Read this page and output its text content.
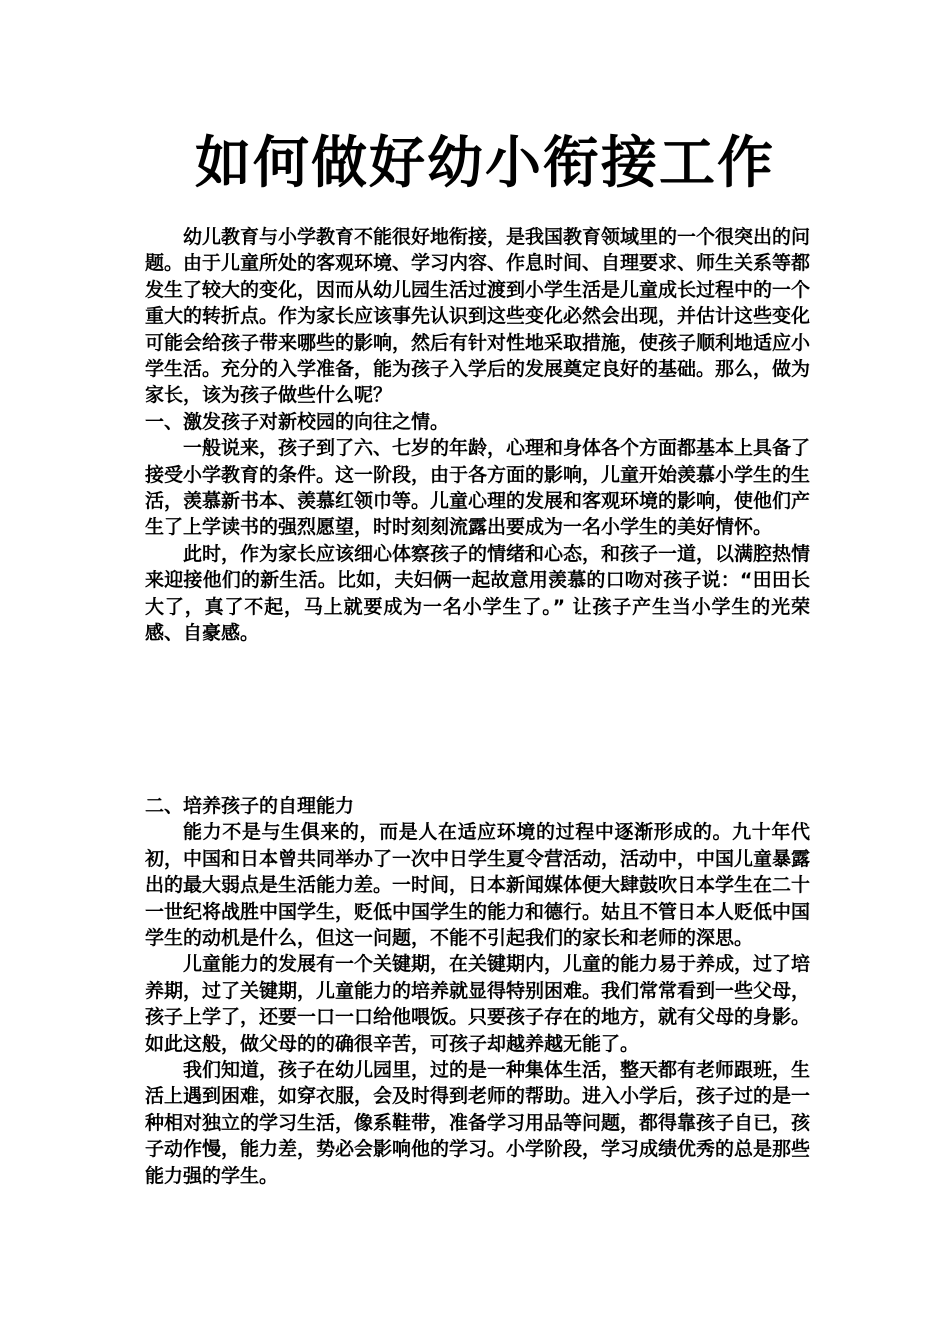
如何做好幼小衔接工作

幼儿教育与小学教育不能很好地衔接，是我国教育领域里的一个很突出的问题。由于儿童所处的客观环境、学习内容、作息时间、自理要求、师生关系等都发生了较大的变化，因而从幼儿园生活过渡到小学生活是儿童成长过程中的一个重大的转折点。作为家长应该事先认识到这些变化必然会出现，并估计这些变化可能会给孩子带来哪些的影响，然后有针对性地采取措施，使孩子顺利地适应小学生活。充分的入学准备，能为孩子入学后的发展奠定良好的基础。那么，做为家长，该为孩子做些什么呢？

一、激发孩子对新校园的向往之情。

一般说来，孩子到了六、七岁的年龄，心理和身体各个方面都基本上具备了接受小学教育的条件。这一阶段，由于各方面的影响，儿童开始羡慕小学生的生活，羡慕新书本、羡慕红领巾等。儿童心理的发展和客观环境的影响，使他们产生了上学读书的强烈愿望，时时刻刻流露出要成为一名小学生的美好情怀。

此时，作为家长应该细心体察孩子的情绪和心态，和孩子一道，以满腔热情来迎接他们的新生活。比如，夫妇俩一起故意用羡慕的口吻对孩子说：“田田长大了，真了不起，马上就要成为一名小学生了。” 让孩子产生当小学生的光荣感、自豪感。

二、培养孩子的自理能力

能力不是与生俱来的，而是人在适应环境的过程中逐渐形成的。九十年代初，中国和日本曾共同举办了一次中日学生夏令营活动，活动中，中国儿童暴露出的最大弱点是生活能力差。一时间，日本新闻媒体便大肆鼓吹日本学生在二十一世纪将战胜中国学生，贬低中国学生的能力和德行。姑且不管日本人贬低中国学生的动机是什么，但这一问题，不能不引起我们的家长和老师的深思。

儿童能力的发展有一个关键期，在关键期内，儿童的能力易于养成，过了培养期，过了关键期，儿童能力的培养就显得特别困难。我们常常看到一些父母，孩子上学了，还要一口一口给他喂饭。只要孩子存在的地方，就有父母的身影。如此这般，做父母的的确很辛苦，可孩子却越养越无能了。

我们知道，孩子在幼儿园里，过的是一种集体生活，整天都有老师跟班，生活上遇到困难，如穿衣服，会及时得到老师的帮助。进入小学后，孩子过的是一种相对独立的学习生活，像系鞋带，准备学习用品等问题，都得靠孩子自已，孩子动作慢，能力差，势必会影响他的学习。小学阶段，学习成绩优秀的总是那些能力强的学生。
